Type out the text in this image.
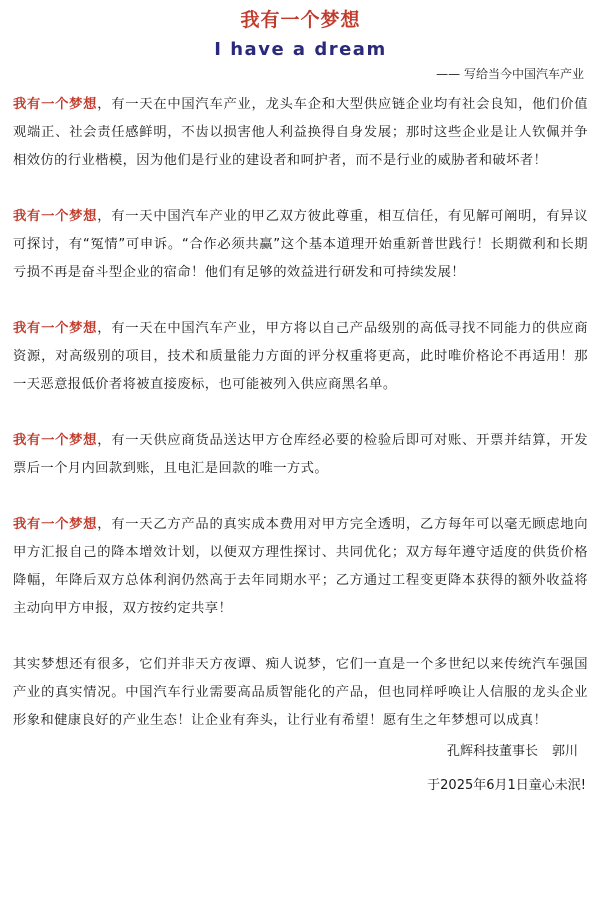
我有一个梦想
I have a dream
—— 写给当今中国汽车产业

我有一个梦想，有一天在中国汽车产业，龙头车企和大型供应链企业均有社会良知，他们价值观端正、社会责任感鲜明，不齿以损害他人利益换得自身发展；那时这些企业是让人钦佩并争相效仿的行业楷模，因为他们是行业的建设者和呵护者，而不是行业的威胁者和破坏者！

我有一个梦想，有一天中国汽车产业的甲乙双方彼此尊重，相互信任，有见解可阐明，有异议可探讨，有“冤情”可申诉。“合作必须共赢”这个基本道理开始重新普世践行！长期微利和长期亏损不再是奋斗型企业的宿命！他们有足够的效益进行研发和可持续发展！

我有一个梦想，有一天在中国汽车产业，甲方将以自己产品级别的高低寻找不同能力的供应商资源，对高级别的项目，技术和质量能力方面的评分权重将更高，此时唯价格论不再适用！那一天恶意报低价者将被直接废标，也可能被列入供应商黑名单。

我有一个梦想，有一天供应商货品送达甲方仓库经必要的检验后即可对账、开票并结算，开发票后一个月内回款到账，且电汇是回款的唯一方式。

我有一个梦想，有一天乙方产品的真实成本费用对甲方完全透明，乙方每年可以毫无顾虑地向甲方汇报自己的降本增效计划，以便双方理性探讨、共同优化；双方每年遵守适度的供货价格降幅，年降后双方总体利润仍然高于去年同期水平；乙方通过工程变更降本获得的额外收益将主动向甲方申报，双方按约定共享！

其实梦想还有很多，它们并非天方夜谭、痴人说梦，它们一直是一个多世纪以来传统汽车强国产业的真实情况。中国汽车行业需要高品质智能化的产品，但也同样呼唤让人信服的龙头企业形象和健康良好的产业生态！让企业有奔头，让行业有希望！愿有生之年梦想可以成真！

孔辉科技董事长 郭川
于2025年6月1日童心未泯!
